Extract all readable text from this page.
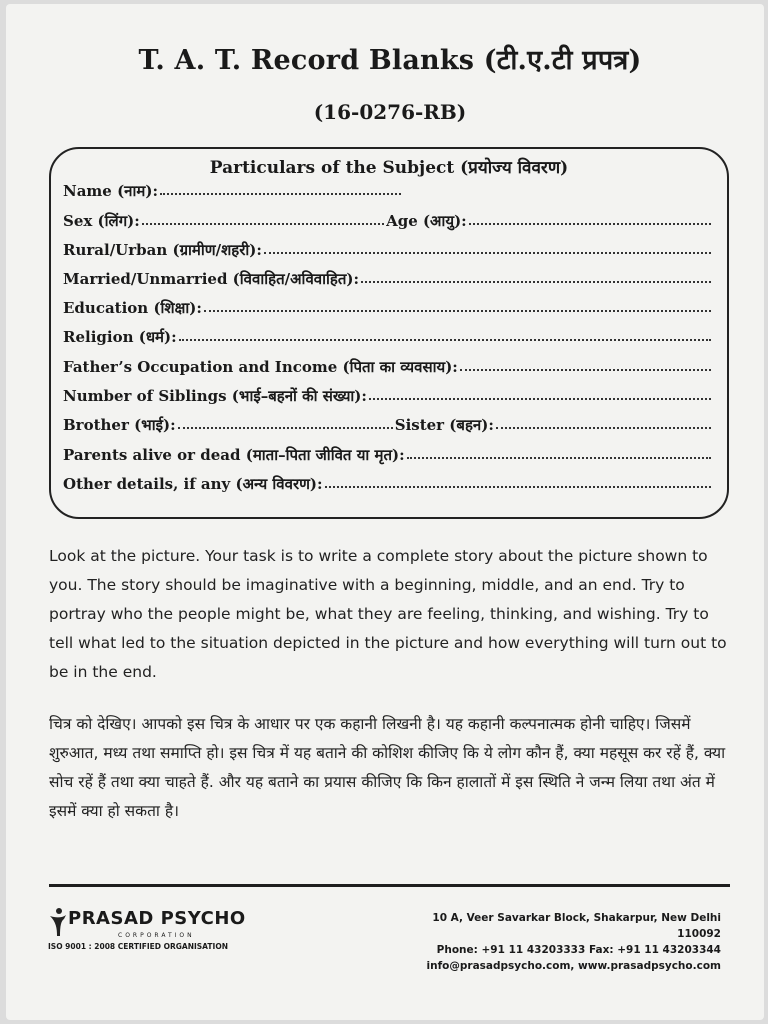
T. A. T. Record Blanks (टी.ए.टी प्रपत्र)
(16-0276-RB)
Particulars of the Subject (प्रयोज्य विवरण)
Name (नाम):
Sex (लिंग):	Age (आयु):
Rural/Urban (ग्रामीण/शहरी):
Married/Unmarried (विवाहित/अविवाहित):
Education (शिक्षा):
Religion (धर्म):
Father’s Occupation and Income (पिता का व्यवसाय):
Number of Siblings (भाई–बहनों की संख्या):
Brother (भाई):	Sister (बहन):
Parents alive or dead (माता–पिता जीवित या मृत):
Other details, if any (अन्य विवरण):
Look at the picture. Your task is to write a complete story about the picture shown to you. The story should be imaginative with a beginning, middle, and an end. Try to portray who the people might be, what they are feeling, thinking, and wishing. Try to tell what led to the situation depicted in the picture and how everything will turn out to be in the end.
चित्र को देखिए। आपको इस चित्र के आधार पर एक कहानी लिखनी है। यह कहानी कल्पनात्मक होनी चाहिए। जिसमें शुरुआत, मध्य तथा समाप्ति हो। इस चित्र में यह बताने की कोशिश कीजिए कि ये लोग कौन हैं, क्या महसूस कर रहें हैं, क्या सोच रहें हैं तथा क्या चाहते हैं. और यह बताने का प्रयास कीजिए कि किन हालातों में इस स्थिति ने जन्म लिया तथा अंत में इसमें क्या हो सकता है।
PRASAD PSYCHO
CORPORATION
ISO 9001 : 2008 CERTIFIED ORGANISATION
10 A, Veer Savarkar Block, Shakarpur, New Delhi 110092
Phone: +91 11 43203333 Fax: +91 11 43203344
info@prasadpsycho.com, www.prasadpsycho.com
